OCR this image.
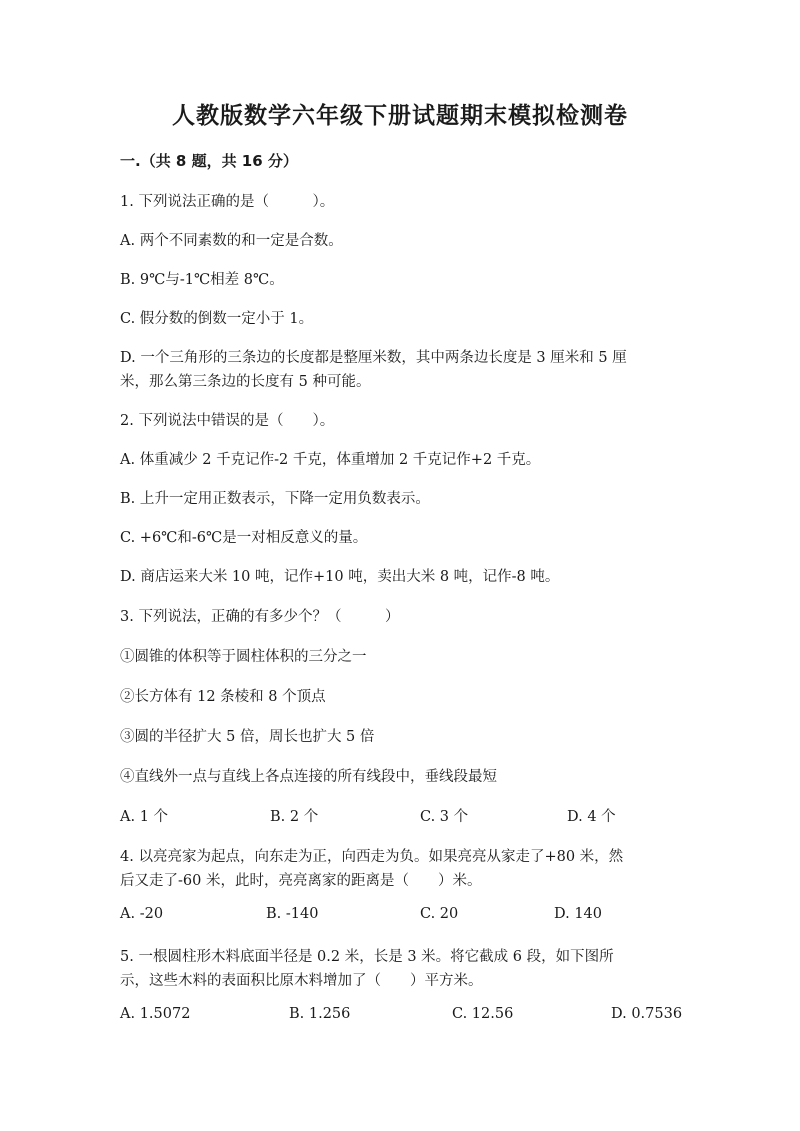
人教版数学六年级下册试题期末模拟检测卷
一.（共 8 题，共 16 分）
1. 下列说法正确的是（　　　）。
A. 两个不同素数的和一定是合数。
B. 9℃与-1℃相差 8℃。
C. 假分数的倒数一定小于 1。
D. 一个三角形的三条边的长度都是整厘米数，其中两条边长度是 3 厘米和 5 厘
米，那么第三条边的长度有 5 种可能。
2. 下列说法中错误的是（　　）。
A. 体重减少 2 千克记作-2 千克，体重增加 2 千克记作+2 千克。
B. 上升一定用正数表示，下降一定用负数表示。
C. +6℃和-6℃是一对相反意义的量。
D. 商店运来大米 10 吨，记作+10 吨，卖出大米 8 吨，记作-8 吨。
3. 下列说法，正确的有多少个？（　　　）
①圆锥的体积等于圆柱体积的三分之一
②长方体有 12 条棱和 8 个顶点
③圆的半径扩大 5 倍，周长也扩大 5 倍
④直线外一点与直线上各点连接的所有线段中，垂线段最短
A. 1 个	B. 2 个	C. 3 个	D. 4 个
4. 以亮亮家为起点，向东走为正，向西走为负。如果亮亮从家走了+80 米，然
后又走了-60 米，此时，亮亮离家的距离是（　　）米。
A. -20	B. -140	C. 20	D. 140
5. 一根圆柱形木料底面半径是 0.2 米，长是 3 米。将它截成 6 段，如下图所
示，这些木料的表面积比原木料增加了（　　）平方米。
A. 1.5072	B. 1.256	C. 12.56	D. 0.7536
